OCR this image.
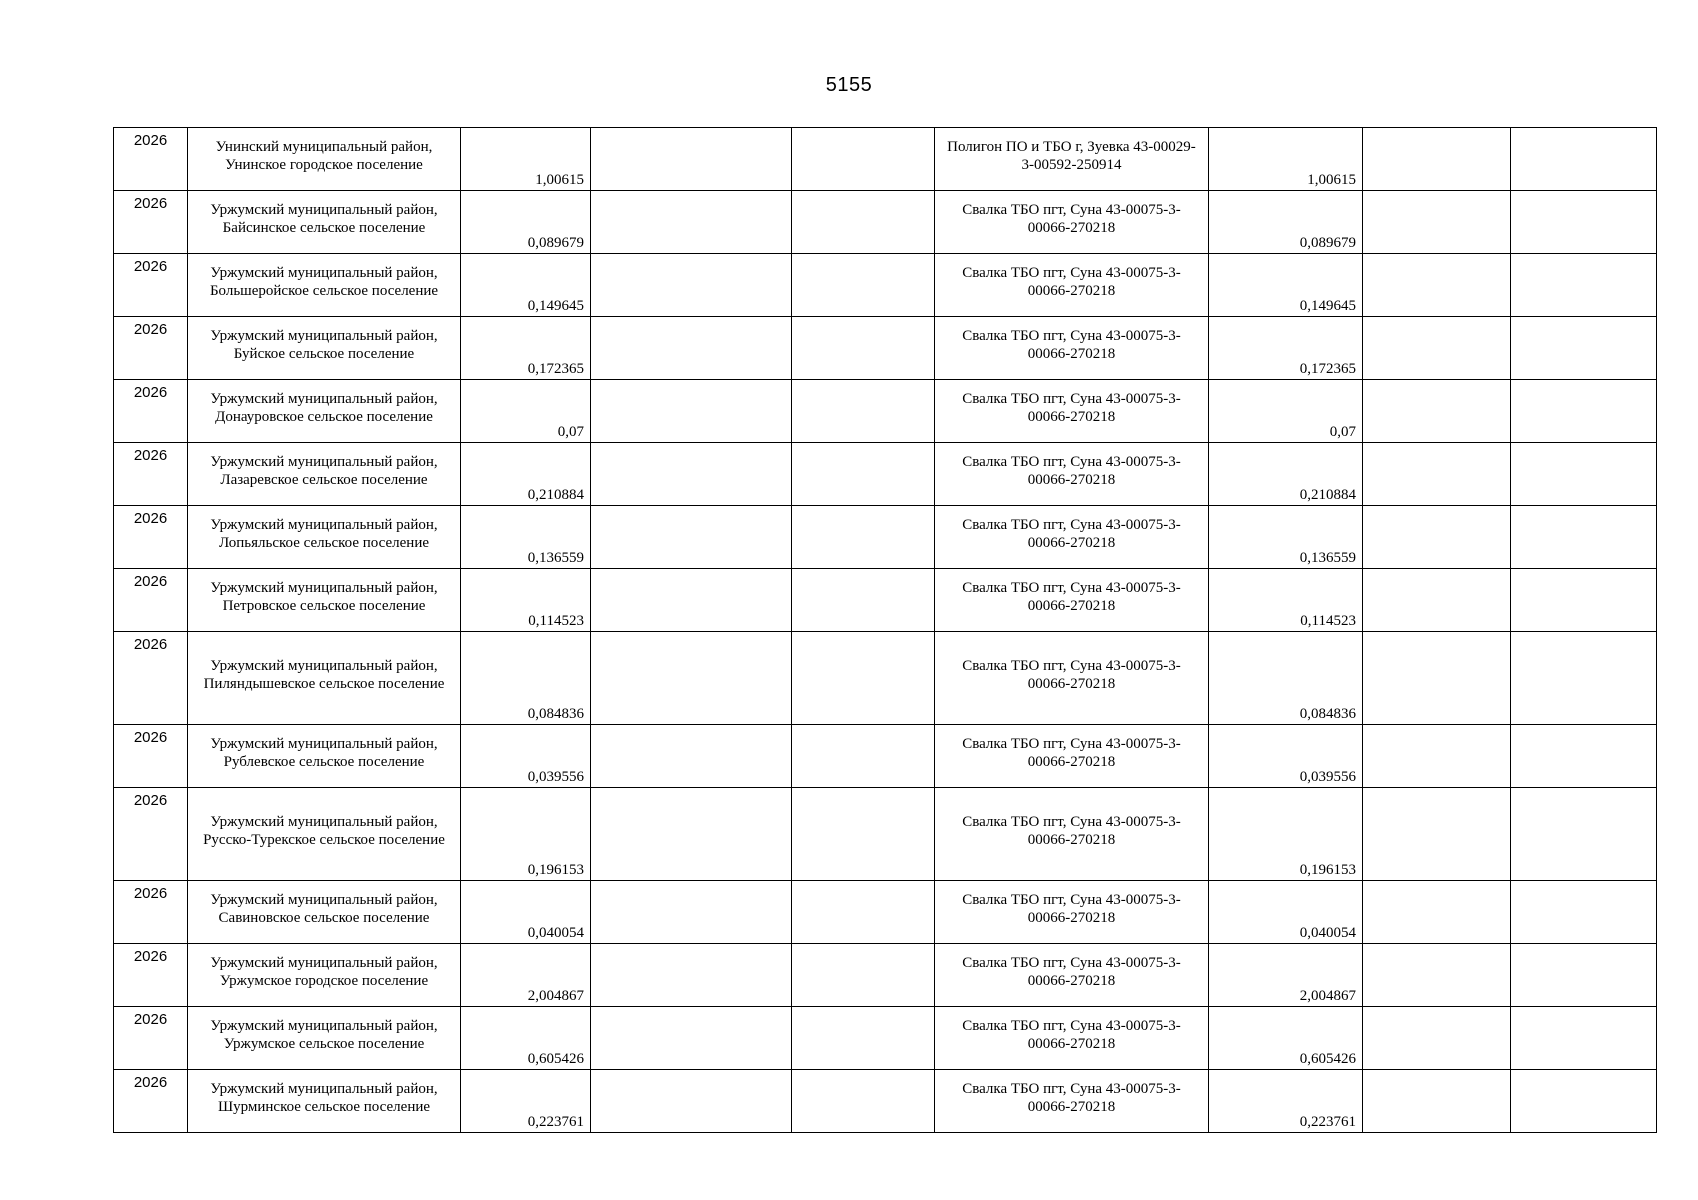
5155
2026	Унинский муниципальный район, Унинское городское поселение	1,00615			Полигон ПО и ТБО г, Зуевка 43-00029-3-00592-250914	1,00615		

2026	Уржумский муниципальный район, Байсинское сельское поселение	0,089679			Свалка ТБО пгт, Суна 43-00075-3-00066-270218	0,089679		

2026	Уржумский муниципальный район, Большеройское сельское поселение	0,149645			Свалка ТБО пгт, Суна 43-00075-3-00066-270218	0,149645		

2026	Уржумский муниципальный район, Буйское сельское поселение	0,172365			Свалка ТБО пгт, Суна 43-00075-3-00066-270218	0,172365		

2026	Уржумский муниципальный район, Донауровское сельское поселение	0,07			Свалка ТБО пгт, Суна 43-00075-3-00066-270218	0,07		

2026	Уржумский муниципальный район, Лазаревское сельское поселение	0,210884			Свалка ТБО пгт, Суна 43-00075-3-00066-270218	0,210884		

2026	Уржумский муниципальный район, Лопьяльское сельское поселение	0,136559			Свалка ТБО пгт, Суна 43-00075-3-00066-270218	0,136559		

2026	Уржумский муниципальный район, Петровское сельское поселение	0,114523			Свалка ТБО пгт, Суна 43-00075-3-00066-270218	0,114523		

2026	Уржумский муниципальный район, Пиляндышевское сельское поселение	0,084836			Свалка ТБО пгт, Суна 43-00075-3-00066-270218	0,084836		

2026	Уржумский муниципальный район, Рублевское сельское поселение	0,039556			Свалка ТБО пгт, Суна 43-00075-3-00066-270218	0,039556		

2026	Уржумский муниципальный район, Русско-Турекское сельское поселение	0,196153			Свалка ТБО пгт, Суна 43-00075-3-00066-270218	0,196153		

2026	Уржумский муниципальный район, Савиновское сельское поселение	0,040054			Свалка ТБО пгт, Суна 43-00075-3-00066-270218	0,040054		

2026	Уржумский муниципальный район, Уржумское городское поселение	2,004867			Свалка ТБО пгт, Суна 43-00075-3-00066-270218	2,004867		

2026	Уржумский муниципальный район, Уржумское сельское поселение	0,605426			Свалка ТБО пгт, Суна 43-00075-3-00066-270218	0,605426		

2026	Уржумский муниципальный район, Шурминское сельское поселение	0,223761			Свалка ТБО пгт, Суна 43-00075-3-00066-270218	0,223761		
